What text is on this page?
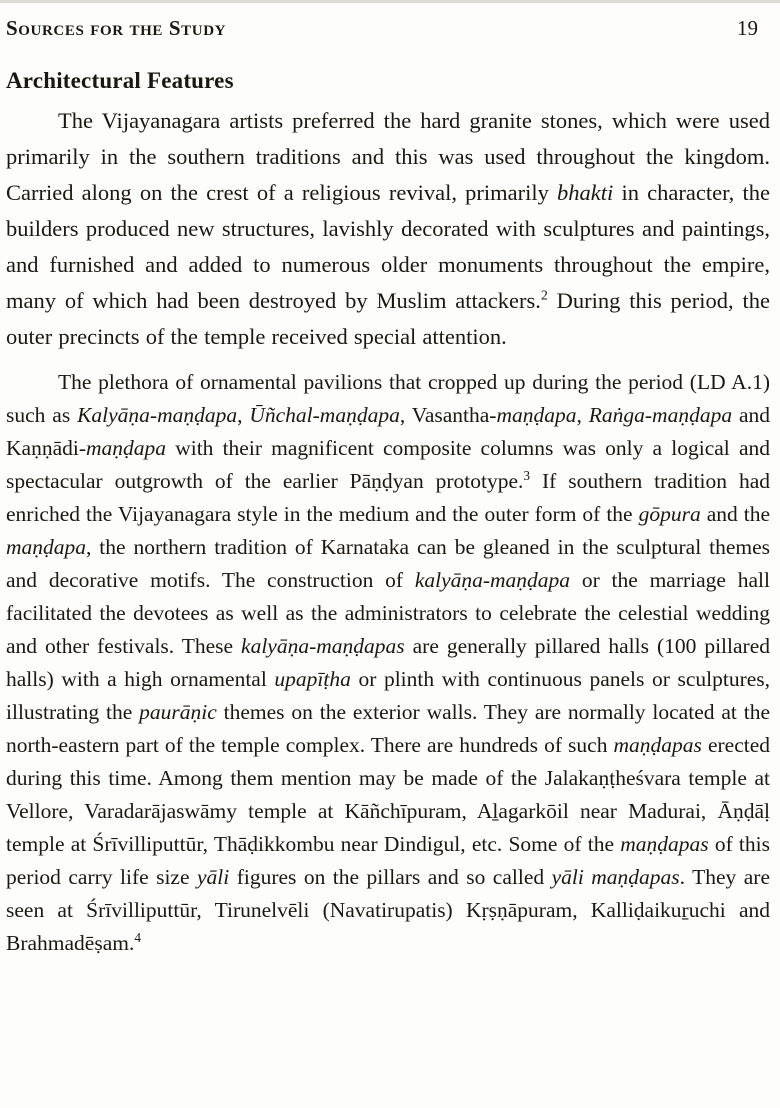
Sources for the Study	19
Architectural Features

The Vijayanagara artists preferred the hard granite stones, which were used primarily in the southern traditions and this was used throughout the kingdom. Carried along on the crest of a religious revival, primarily bhakti in character, the builders produced new structures, lavishly decorated with sculptures and paintings, and furnished and added to numerous older monuments throughout the empire, many of which had been destroyed by Muslim attackers.$^2$ During this period, the outer precincts of the temple received special attention.

The plethora of ornamental pavilions that cropped up during the period (LD A.1) such as Kalyāṇa-maṇḍapa, Ūñchal-maṇḍapa, Vasantha-maṇḍapa, Raṅga-maṇḍapa and Kaṇṇādi-maṇḍapa with their magnificent composite columns was only a logical and spectacular outgrowth of the earlier Pāṇḍyan prototype.$^3$ If southern tradition had enriched the Vijayanagara style in the medium and the outer form of the gōpura and the maṇḍapa, the northern tradition of Karnataka can be gleaned in the sculptural themes and decorative motifs. The construction of kalyāṇa-maṇḍapa or the marriage hall facilitated the devotees as well as the administrators to celebrate the celestial wedding and other festivals. These kalyāṇa-maṇḍapas are generally pillared halls (100 pillared halls) with a high ornamental upapīṭha or plinth with continuous panels or sculptures, illustrating the paurāṇic themes on the exterior walls. They are normally located at the north-eastern part of the temple complex. There are hundreds of such maṇḍapas erected during this time. Among them mention may be made of the Jalakaṇṭheśvara temple at Vellore, Varadarājaswāmy temple at Kāñchīpuram, Aḻagarkōil near Madurai, Āṇḍāḷ temple at Śrīvilliputtūr, Thāḍikkombu near Dindigul, etc. Some of the maṇḍapas of this period carry life size yāli figures on the pillars and so called yāli maṇḍapas. They are seen at Śrīvilliputtūr, Tirunelvēli (Navatirupatis) Kṛṣṇāpuram, Kalliḍaikuṟuchi and Brahmadēṣam.$^4$
